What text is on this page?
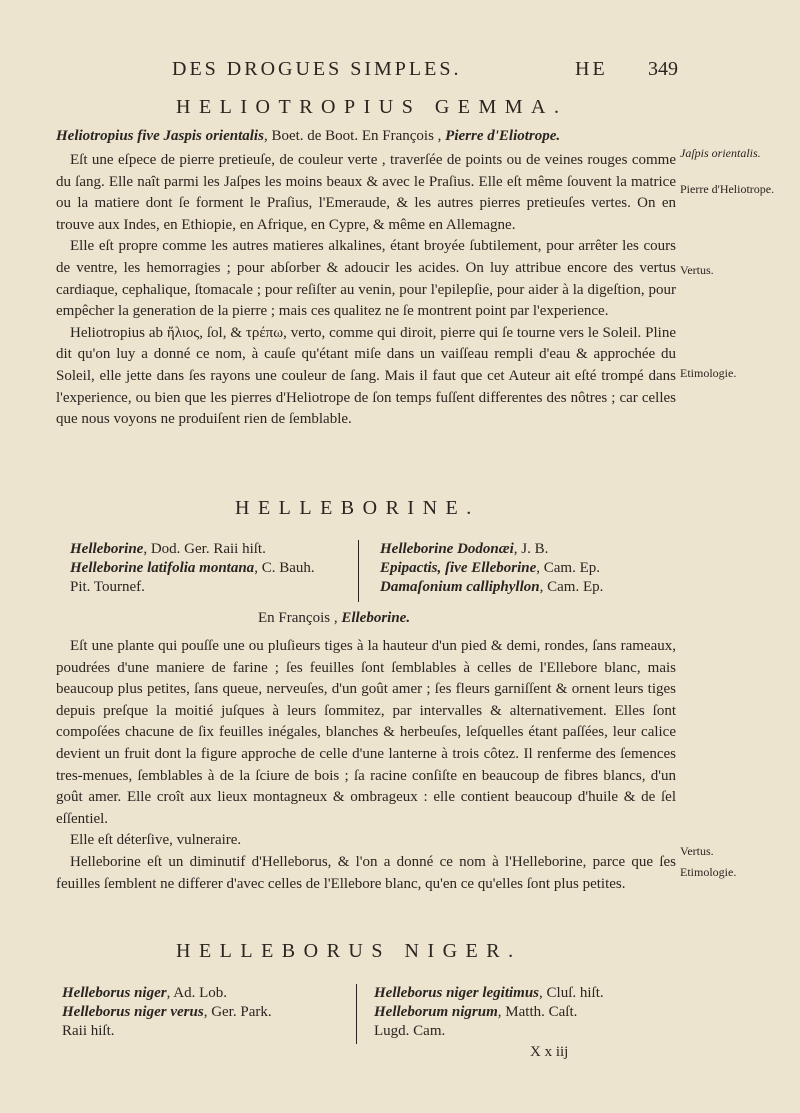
DES DROGUES SIMPLES.	HE 349
HELIOTROPIUS GEMMA.
Heliotropius five Jaspis orientalis, Boet. de Boot. En François , Pierre d'Eliotrope.

Eſt une eſpece de pierre pretieuſe, de couleur verte , traverſée de points ou de veines rouges comme du ſang. Elle naît parmi les Jaſpes les moins beaux & avec le Praſius. Elle eſt même ſouvent la matrice ou la matiere dont ſe forment le Praſius, l'Emeraude, & les autres pierres pretieuſes vertes. On en trouve aux Indes, en Ethiopie, en Afrique, en Cypre, & même en Allemagne.

Elle eſt propre comme les autres matieres alkalines, étant broyée ſubtilement, pour arrêter les cours de ventre, les hemorragies ; pour abſorber & adoucir les acides. On luy attribue encore des vertus cardiaque, cephalique, ſtomacale ; pour reſiſter au venin, pour l'epilepſie, pour aider à la digeſtion, pour empêcher la generation de la pierre ; mais ces qualitez ne ſe montrent point par l'experience.

Heliotropius ab ἥλιος, ſol, & τρέπω, verto, comme qui diroit, pierre qui ſe tourne vers le Soleil. Pline dit qu'on luy a donné ce nom, à cauſe qu'étant miſe dans un vaiſſeau rempli d'eau & approchée du Soleil, elle jette dans ſes rayons une couleur de ſang. Mais il faut que cet Auteur ait eſté trompé dans l'experience, ou bien que les pierres d'Heliotrope de ſon temps fuſſent differentes des nôtres ; car celles que nous voyons ne produiſent rien de ſemblable.

Jaſpis orientalis.
Pierre d'Heliotrope.
Vertus.
Etimologie.
HELLEBORINE.
Helleborine, Dod. Ger. Raii hiſt.
Helleborine latifolia montana, C. Bauh.
Pit. Tournef.
Helleborine Dodonæi, J. B.
Epipactis, ſive Elleborine, Cam. Ep.
Damaſonium calliphyllon, Cam. Ep.
En François , Elleborine.

Eſt une plante qui pouſſe une ou pluſieurs tiges à la hauteur d'un pied & demi, rondes, ſans rameaux, poudrées d'une maniere de farine ; ſes feuilles ſont ſemblables à celles de l'Ellebore blanc, mais beaucoup plus petites, ſans queue, nerveuſes, d'un goût amer ; ſes fleurs garniſſent & ornent leurs tiges depuis preſque la moitié juſques à leurs ſommitez, par intervalles & alternativement. Elles ſont compoſées chacune de ſix feuilles inégales, blanches & herbeuſes, leſquelles étant paſſées, leur calice devient un fruit dont la figure approche de celle d'une lanterne à trois côtez. Il renferme des ſemences tres-menues, ſemblables à de la ſciure de bois ; ſa racine conſiſte en beaucoup de fibres blancs, d'un goût amer. Elle croît aux lieux montagneux & ombrageux : elle contient beaucoup d'huile & de ſel eſſentiel.

Elle eſt déterſive, vulneraire.

Helleborine eſt un diminutif d'Helleborus, & l'on a donné ce nom à l'Helleborine, parce que ſes feuilles ſemblent ne differer d'avec celles de l'Ellebore blanc, qu'en ce qu'elles ſont plus petites.

Vertus.
Etimologie.
HELLEBORUS NIGER.
Helleborus niger, Ad. Lob.
Helleborus niger verus, Ger. Park.
Raii hiſt.
Helleborus niger legitimus, Cluſ. hiſt.
Helleborum nigrum, Matth. Caſt.
Lugd. Cam.
X x iij
